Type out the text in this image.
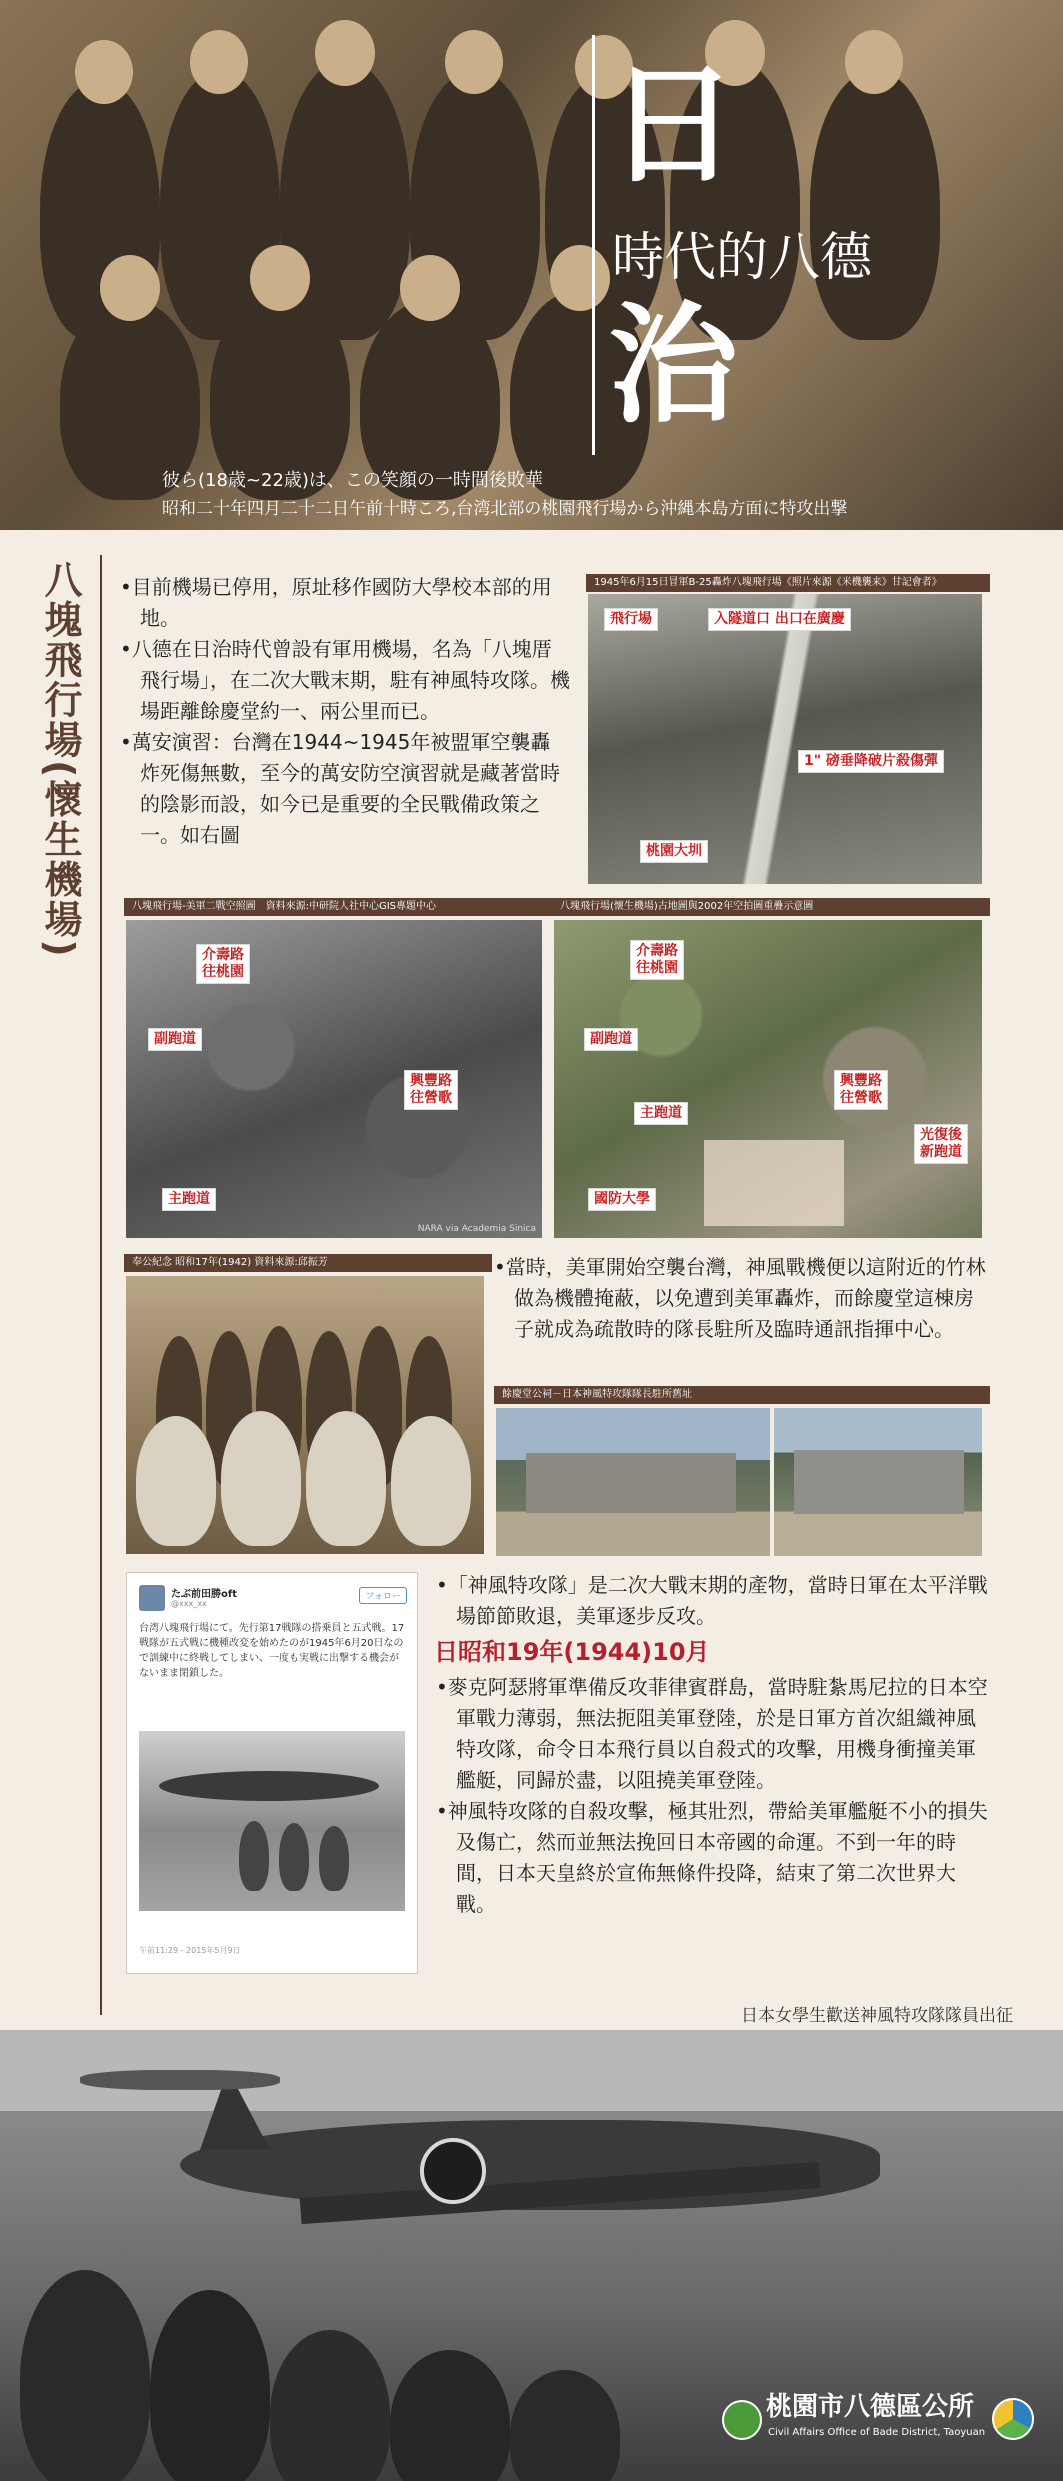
日
時代的八德
治
彼ら(18歳~22歳)は、この笑顔の一時間後敗華
昭和二十年四月二十二日午前十時ころ,台湾北部の桃園飛行場から沖縄本島方面に特攻出撃
八塊飛行場(懷生機場) •目前機場已停用，原址移作國防大學校本部的用地。

•八德在日治時代曾設有軍用機場，名為「八塊厝飛行場」，在二次大戰末期，駐有神風特攻隊。機場距離餘慶堂約一、兩公里而已。

•萬安演習：台灣在1944~1945年被盟軍空襲轟炸死傷無數，至今的萬安防空演習就是藏著當時的陰影而設，如今已是重要的全民戰備政策之一。如右圖

1945年6月15日冒軍B-25轟炸八塊飛行場《照片來源《米機襲来》甘記會者》
飛行場	入隧道口 出口在廣慶
1" 磅垂降破片殺傷彈
桃園大圳
八塊飛行場-美軍二戰空照圖　資料來源:中研院人社中心GIS專題中心
介壽路
往桃園
副跑道
興豐路
往營歌
主跑道
NARA via Academia Sinica
八塊飛行場(懷生機場)古地圖與2002年空拍圖重疊示意圖
介壽路
往桃園
副跑道
興豐路
往營歌
主跑道
光復後
新跑道
國防大學
奉公紀念 昭和17年(1942) 資料來源:邱振芳	•當時，美軍開始空襲台灣，神風戰機便以這附近的竹林做為機體掩蔽，以免遭到美軍轟炸，而餘慶堂這棟房子就成為疏散時的隊長駐所及臨時通訊指揮中心。

餘慶堂公祠－日本神風特攻隊隊長駐所舊址
たぶ前田勝oft
@xxx_xx
フォロー
台湾八塊飛行場にて。先行第17戦隊の搭乗員と五式戦。17戦隊が五式戦に機種改変を始めたのが1945年6月20日なので訓練中に終戦してしまい、一度も実戦に出撃する機会がないまま閉鎖した。
午前11:29 - 2015年5月9日

•「神風特攻隊」是二次大戰末期的產物，當時日軍在太平洋戰場節節敗退，美軍逐步反攻。

日昭和19年(1944)10月

•麥克阿瑟將軍準備反攻菲律賓群島，當時駐紮馬尼拉的日本空軍戰力薄弱，無法扼阻美軍登陸，於是日軍方首次組織神風特攻隊，命令日本飛行員以自殺式的攻擊，用機身衝撞美軍艦艇，同歸於盡，以阻撓美軍登陸。

•神風特攻隊的自殺攻擊，極其壯烈，帶給美軍艦艇不小的損失及傷亡，然而並無法挽回日本帝國的命運。不到一年的時間，日本天皇終於宣佈無條件投降，結束了第二次世界大戰。

日本女學生歡送神風特攻隊隊員出征
桃園市八德區公所
Civil Affairs Office of Bade District, Taoyuan
